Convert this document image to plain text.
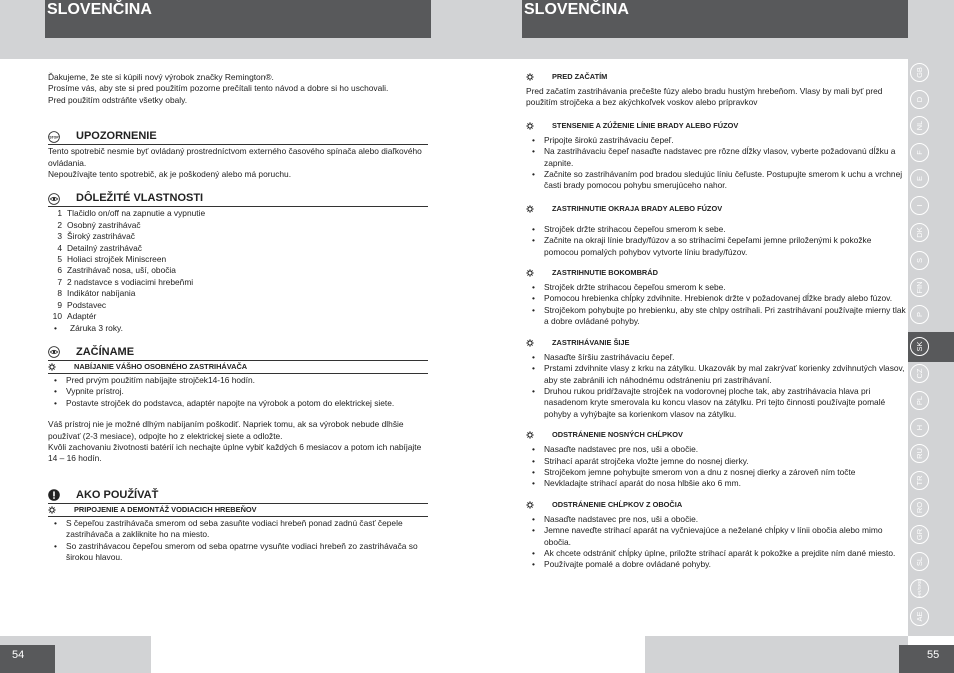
SLOVENČINA	SLOVENČINA

Ďakujeme, že ste si kúpili nový výrobok značky Remington®.

Prosíme vás, aby ste si pred použitím pozorne prečítali tento návod a dobre si ho uschovali.

Pred použitím odstráňte všetky obaly.

STOP UPOZORNENIE

Tento spotrebič nesmie byť ovládaný prostredníctvom externého časového spínača alebo diaľkového ovládania.

Nepoužívajte tento spotrebič, ak je poškodený alebo má poruchu.

DÔLEŽITÉ VLASTNOSTI
1 Tlačidlo on/off na zapnutie a vypnutie
2 Osobný zastrihávač
3 Široký zastrihávač
4 Detailný zastrihávač
5 Holiaci strojček Miniscreen
6 Zastrihávač nosa, uší, obočia
7 2 nadstavce s vodiacimi hrebeňmi
8 Indikátor nabíjania
9 Podstavec
10 Adaptér
• Záruka 3 roky.
ZAČÍNAME
NABÍJANIE VÁŠHO OSOBNÉHO ZASTRIHÁVAČA
• Pred prvým použitím nabíjajte strojček14-16 hodín.
• Vypnite prístroj.
• Postavte strojček do podstavca, adaptér napojte na výrobok a potom do elektrickej siete.

Váš prístroj nie je možné dlhým nabíjaním poškodiť. Napriek tomu, ak sa výrobok nebude dlhšie používať (2-3 mesiace), odpojte ho z elektrickej siete a odložte.

Kvôli zachovaniu životnosti batérií ich nechajte úplne vybiť každých 6 mesiacov a potom ich nabíjajte 14 – 16 hodín.

AKO POUŽÍVAŤ
PRIPOJENIE A DEMONTÁŽ VODIACICH HREBEŇOV
• S čepeľou zastrihávača smerom od seba zasuňte vodiaci hrebeň ponad zadnú časť čepele zastrihávača a zakliknite ho na miesto.
• So zastrihávacou čepeľou smerom od seba opatrne vysuňte vodiaci hrebeň zo zastrihávača so širokou hlavou.
PRED ZAČATÍM

Pred začatím zastrihávania prečešte fúzy alebo bradu hustým hrebeňom. Vlasy by mali byť pred použitím strojčeka a bez akýchkoľvek voskov alebo prípravkov

STENSENIE A ZÚŽENIE LÍNIE BRADY ALEBO FÚZOV
• Pripojte širokú zastrihávaciu čepeľ.
• Na zastrihávaciu čepeľ nasaďte nadstavec pre rôzne dĺžky vlasov, vyberte požadovanú dĺžku a zapnite.
• Začnite so zastrihávaním pod bradou sledujúc líniu čeľuste. Postupujte smerom k uchu a vrchnej časti brady pomocou pohybu smerujúceho nahor.
ZASTRIHNUTIE OKRAJA BRADY ALEBO FÚZOV
• Strojček držte strihacou čepeľou smerom k sebe.
• Začnite na okraji línie brady/fúzov a so strihacími čepeľami jemne priloženými k pokožke pomocou pomalých pohybov vytvorte líniu brady/fúzov.
ZASTRIHNUTIE BOKOMBRÁD
• Strojček držte strihacou čepeľou smerom k sebe.
• Pomocou hrebienka chĺpky zdvihnite. Hrebienok držte v požadovanej dĺžke brady alebo fúzov.
• Strojčekom pohybujte po hrebienku, aby ste chlpy ostrihali. Pri zastrihávaní používajte mierny tlak a dobre ovládané pohyby.
ZASTRIHÁVANIE ŠIJE
• Nasaďte šíršiu zastrihávaciu čepeľ.
• Prstami zdvihnite vlasy z krku na zátylku. Ukazovák by mal zakrývať korienky zdvihnutých vlasov, aby ste zabránili ich náhodnému odstráneniu pri zastrihávaní.
• Druhou rukou pridŕžavajte strojček na vodorovnej ploche tak, aby zastrihávacia hlava pri nasadenom kryte smerovala ku koncu vlasov na zátylku. Pri tejto činnosti používajte pomalé pohyby a vyhýbajte sa korienkom vlasov na zátylku.
ODSTRÁNENIE NOSNÝCH CHĹPKOV
• Nasaďte nadstavec pre nos, uši a obočie.
• Strihací aparát strojčeka vložte jemne do nosnej dierky.
• Strojčekom jemne pohybujte smerom von a dnu z nosnej dierky a zároveň ním točte
• Nevkladajte strihací aparát do nosa hlbšie ako 6 mm.
ODSTRÁNENIE CHĹPKOV Z OBOČIA
• Nasaďte nadstavec pre nos, uši a obočie.
• Jemne naveďte strihací aparát na vyčnievajúce a neželané chĺpky v línii obočia alebo mimo obočia.
• Ak chcete odstrániť chĺpky úplne, priložte strihací aparát k pokožke a prejdite ním dané miesto.
• Používajte pomalé a dobre ovládané pohyby.
GB
D
NL
F
E
I
DK
S
FIN
P
SK
CZ
PL
H
RU
TR
RO
GR
SL
HR/SRB
AE
54	55
